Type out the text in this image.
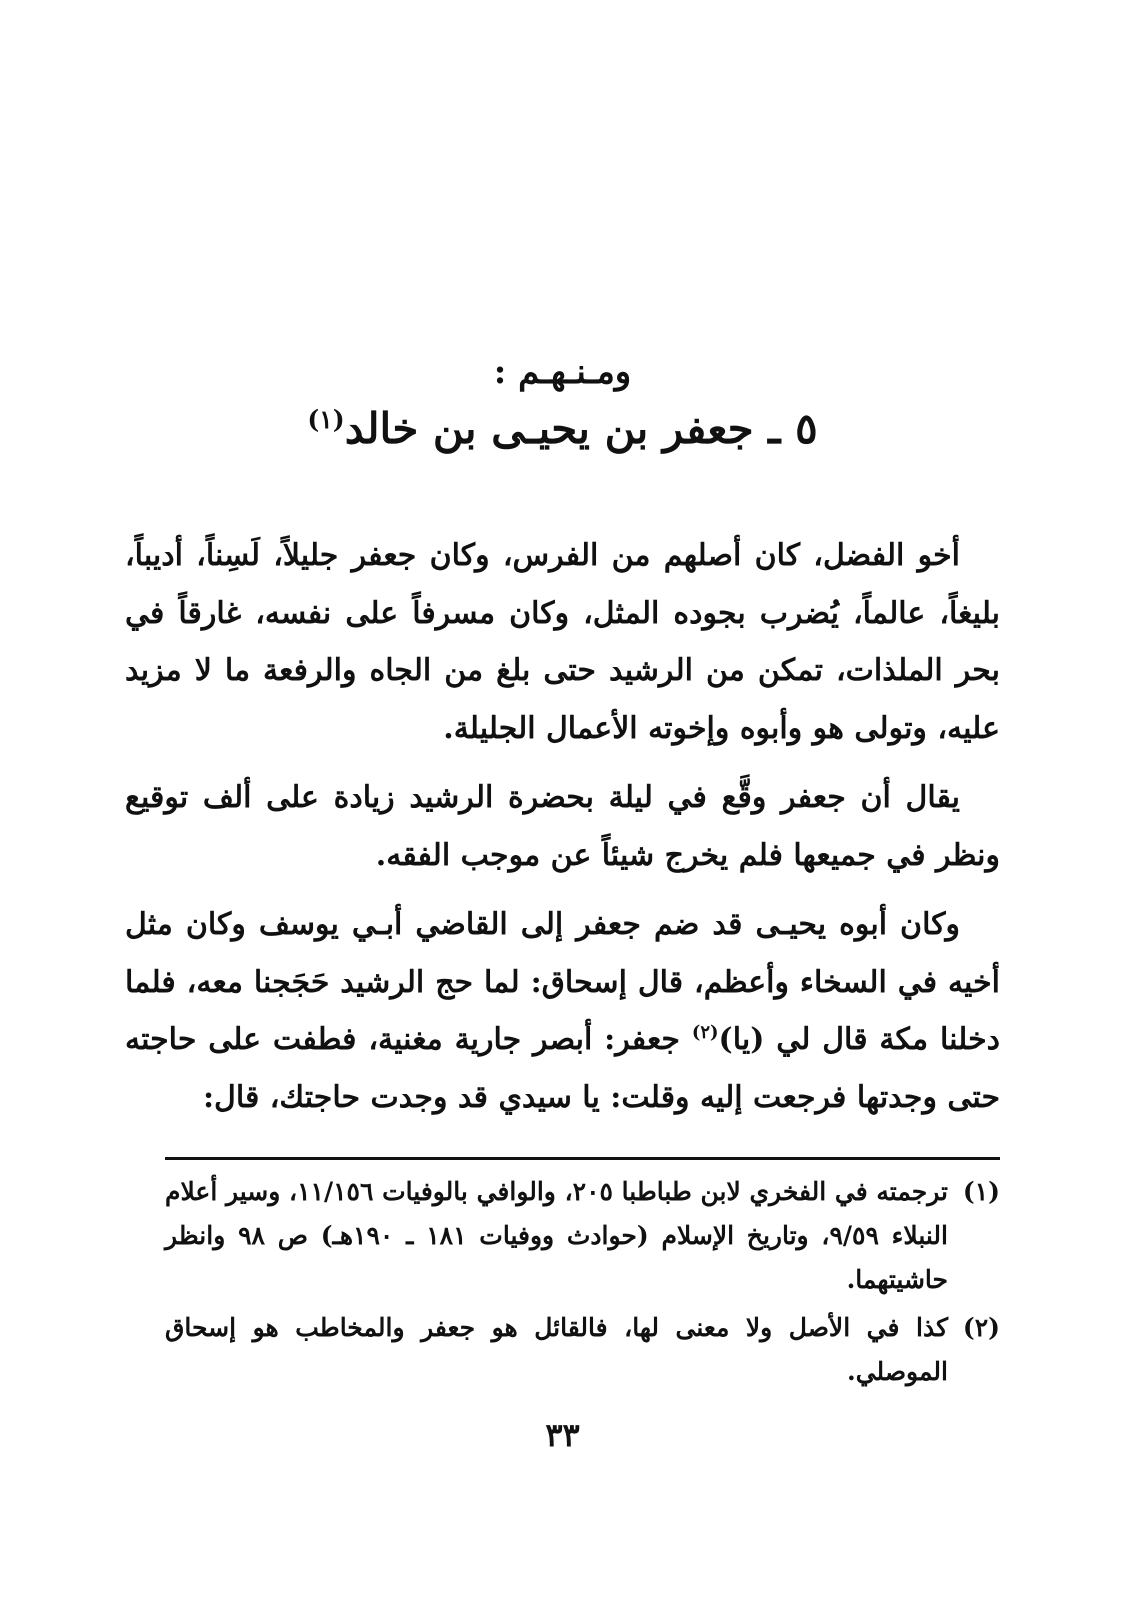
ومـنـهـم :
٥ ـ جعفر بن يحيـى بن خالد$^{(١)}$

أخو الفضل، كان أصلهم من الفرس، وكان جعفر جليلاً، لَسِناً، أديباً، بليغاً، عالماً، يُضرب بجوده المثل، وكان مسرفاً على نفسه، غارقاً في بحر الملذات، تمكن من الرشيد حتى بلغ من الجاه والرفعة ما لا مزيد عليه، وتولى هو وأبوه وإخوته الأعمال الجليلة.

يقال أن جعفر وقَّع في ليلة بحضرة الرشيد زيادة على ألف توقيع ونظر في جميعها فلم يخرج شيئاً عن موجب الفقه.

وكان أبوه يحيـى قد ضم جعفر إلى القاضي أبـي يوسف وكان مثل أخيه في السخاء وأعظم، قال إسحاق: لما حج الرشيد حَجَجنا معه، فلما دخلنا مكة قال لي (يا)$^{(٢)}$ جعفر: أبصر جارية مغنية، فطفت على حاجته حتى وجدتها فرجعت إليه وقلت: يا سيدي قد وجدت حاجتك، قال:

(١)
ترجمته في الفخري لابن طباطبا ٢٠٥، والوافي بالوفيات ١١/١٥٦، وسير أعلام النبلاء ٩/٥٩، وتاريخ الإسلام (حوادث ووفيات ١٨١ ـ ١٩٠هـ) ص ٩٨ وانظر حاشيتهما.
(٢)
كذا في الأصل ولا معنى لها، فالقائل هو جعفر والمخاطب هو إسحاق الموصلي.
٣٣
